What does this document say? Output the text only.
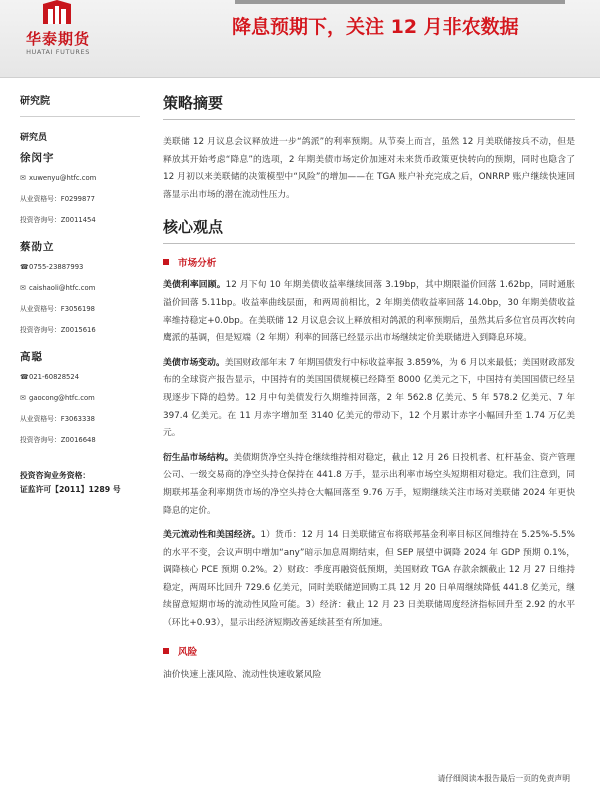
华泰期货
HUATAI FUTURES
降息预期下，关注 12 月非农数据
研究院
研究员
徐闵宇
✉ xuwenyu@htfc.com
从业资格号：F0299877
投资咨询号：Z0011454
蔡劭立
☎0755-23887993
✉ caishaoli@htfc.com
从业资格号：F3056198
投资咨询号：Z0015616
高聪
☎021-60828524
✉ gaocong@htfc.com
从业资格号：F3063338
投资咨询号：Z0016648
投资咨询业务资格：
证监许可【2011】1289 号
策略摘要

美联储 12 月议息会议释放进一步“鸽派”的利率预期。从节奏上而言，虽然 12 月美联储按兵不动，但是释放其开始考虑“降息”的选项，2 年期美债市场定价加速对未来货币政策更快转向的预期，同时也隐含了 12 月初以来美联储的决策模型中“风险”的增加——在 TGA 账户补充完成之后，ONRRP 账户继续快速回落显示出市场的潜在流动性压力。

核心观点
市场分析

美债利率回顾。12 月下旬 10 年期美债收益率继续回落 3.19bp，其中期限溢价回落 1.62bp，同时通胀溢价回落 5.11bp。收益率曲线层面，和两周前相比，2 年期美债收益率回落 14.0bp，30 年期美债收益率维持稳定+0.0bp。在美联储 12 月议息会议上释放相对鸽派的利率预期后，虽然其后多位官员再次转向鹰派的基调，但是短端（2 年期）利率的回落已经显示出市场继续定价美联储进入到降息环境。

美债市场变动。美国财政部年末 7 年期国债发行中标收益率报 3.859%，为 6 月以来最低；美国财政部发布的全球资产报告显示，中国持有的美国国债规模已经降至 8000 亿美元之下，中国持有美国国债已经呈现逐步下降的趋势。12 月中旬美债发行久期维持回落，2 年 562.8 亿美元、5 年 578.2 亿美元、7 年 397.4 亿美元。在 11 月赤字增加至 3140 亿美元的带动下，12 个月累计赤字小幅回升至 1.74 万亿美元。

衍生品市场结构。美债期货净空头持仓继续维持相对稳定，截止 12 月 26 日投机者、杠杆基金、资产管理公司、一级交易商的净空头持仓保持在 441.8 万手，显示出利率市场空头短期相对稳定。我们注意到，同期联邦基金利率期货市场的净空头持仓大幅回落至 9.76 万手，短期继续关注市场对美联储 2024 年更快降息的定价。

美元流动性和美国经济。1）货币：12 月 14 日美联储宣布将联邦基金利率目标区间维持在 5.25%-5.5%的水平不变，会议声明中增加“any”暗示加息周期结束，但 SEP 展望中调降 2024 年 GDP 预期 0.1%，调降核心 PCE 预期 0.2%。2）财政：季度再融资低预期，美国财政 TGA 存款余额截止 12 月 27 日维持稳定，两周环比回升 729.6 亿美元，同时美联储逆回购工具 12 月 20 日单周继续降低 441.8 亿美元，继续留意短期市场的流动性风险可能。3）经济：截止 12 月 23 日美联储周度经济指标回升至 2.92 的水平（环比+0.93），显示出经济短期改善延续甚至有所加速。

风险
油价快速上涨风险、流动性快速收紧风险
请仔细阅读本报告最后一页的免责声明
